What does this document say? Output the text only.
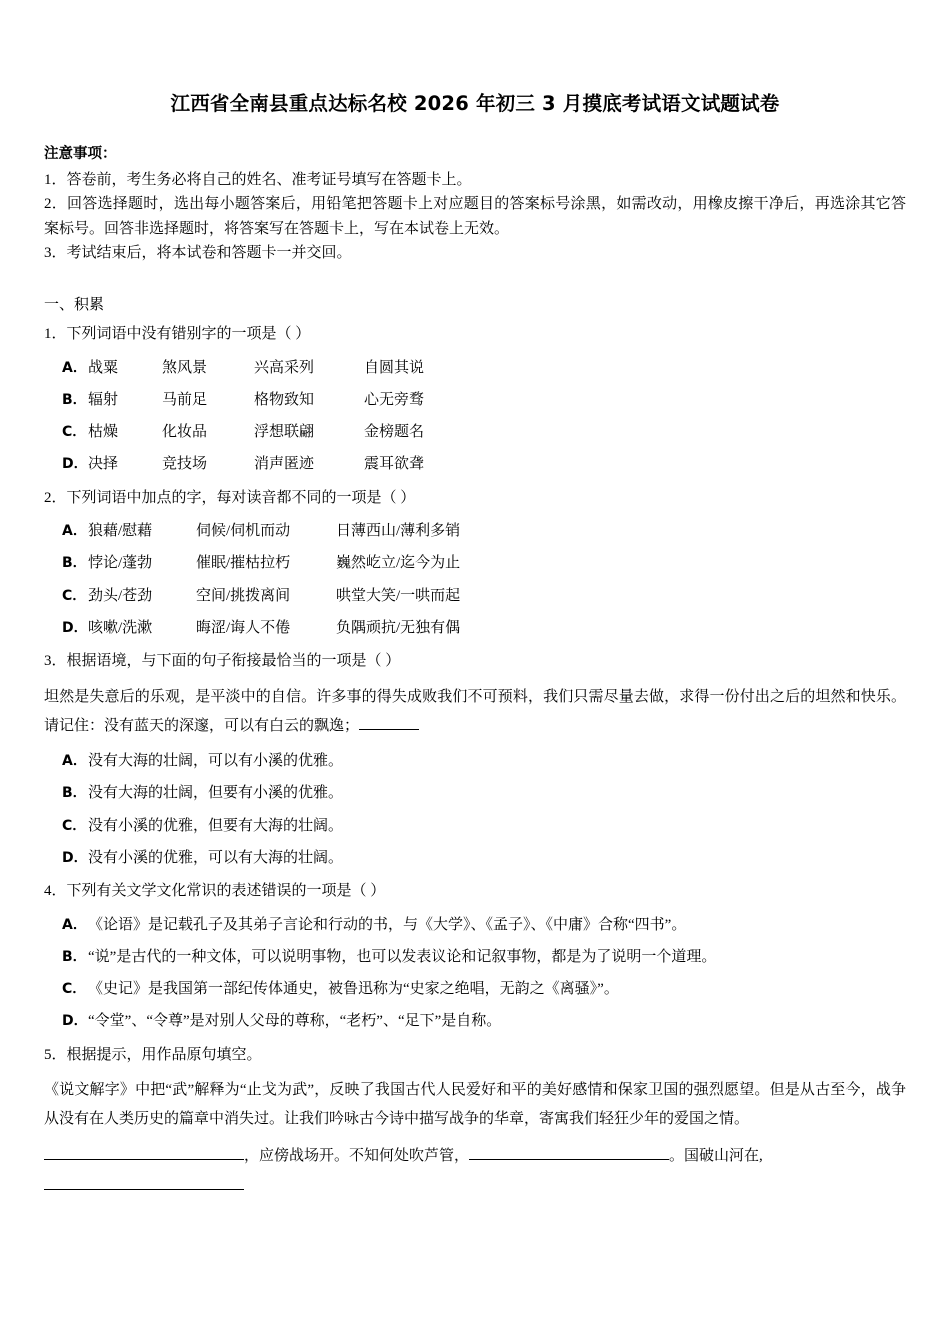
江西省全南县重点达标名校 2026 年初三 3 月摸底考试语文试题试卷
注意事项：
1．答卷前，考生务必将自己的姓名、准考证号填写在答题卡上。
2．回答选择题时，选出每小题答案后，用铅笔把答题卡上对应题目的答案标号涂黑，如需改动，用橡皮擦干净后，再选涂其它答案标号。回答非选择题时，将答案写在答题卡上，写在本试卷上无效。
3．考试结束后，将本试卷和答题卡一并交回。
一、积累
1．下列词语中没有错别字的一项是（ ）
A． 战粟	煞风景	兴高采列	自圆其说
B． 辐射	马前足	格物致知	心无旁骛
C． 枯燥	化妆品	浮想联翩	金榜题名
D． 决择	竞技场	消声匿迹	震耳欲聋
2．下列词语中加点的字，每对读音都不同的一项是（ ）
A． 狼藉/慰藉	伺候/伺机而动	日薄西山/薄利多销
B． 悖论/蓬勃	催眠/摧枯拉朽	巍然屹立/迄今为止
C． 劲头/苍劲	空间/挑拨离间	哄堂大笑/一哄而起
D． 咳嗽/洗漱	晦涩/诲人不倦	负隅顽抗/无独有偶
3．根据语境，与下面的句子衔接最恰当的一项是（ ）
坦然是失意后的乐观，是平淡中的自信。许多事的得失成败我们不可预料，我们只需尽量去做，求得一份付出之后的坦然和快乐。请记住：没有蓝天的深邃，可以有白云的飘逸；
A． 没有大海的壮阔，可以有小溪的优雅。
B． 没有大海的壮阔，但要有小溪的优雅。
C． 没有小溪的优雅，但要有大海的壮阔。
D． 没有小溪的优雅，可以有大海的壮阔。
4．下列有关文学文化常识的表述错误的一项是（ ）
A． 《论语》是记载孔子及其弟子言论和行动的书，与《大学》、《孟子》、《中庸》合称“四书”。
B． “说”是古代的一种文体，可以说明事物，也可以发表议论和记叙事物，都是为了说明一个道理。
C． 《史记》是我国第一部纪传体通史，被鲁迅称为“史家之绝唱，无韵之《离骚》”。
D． “令堂”、“令尊”是对别人父母的尊称，“老朽”、“足下”是自称。
5．根据提示，用作品原句填空。
《说文解字》中把“武”解释为“止戈为武”，反映了我国古代人民爱好和平的美好感情和保家卫国的强烈愿望。但是从古至今，战争从没有在人类历史的篇章中消失过。让我们吟咏古今诗中描写战争的华章，寄寓我们轻狂少年的爱国之情。
，应傍战场开。不知何处吹芦管，	。国破山河在,
